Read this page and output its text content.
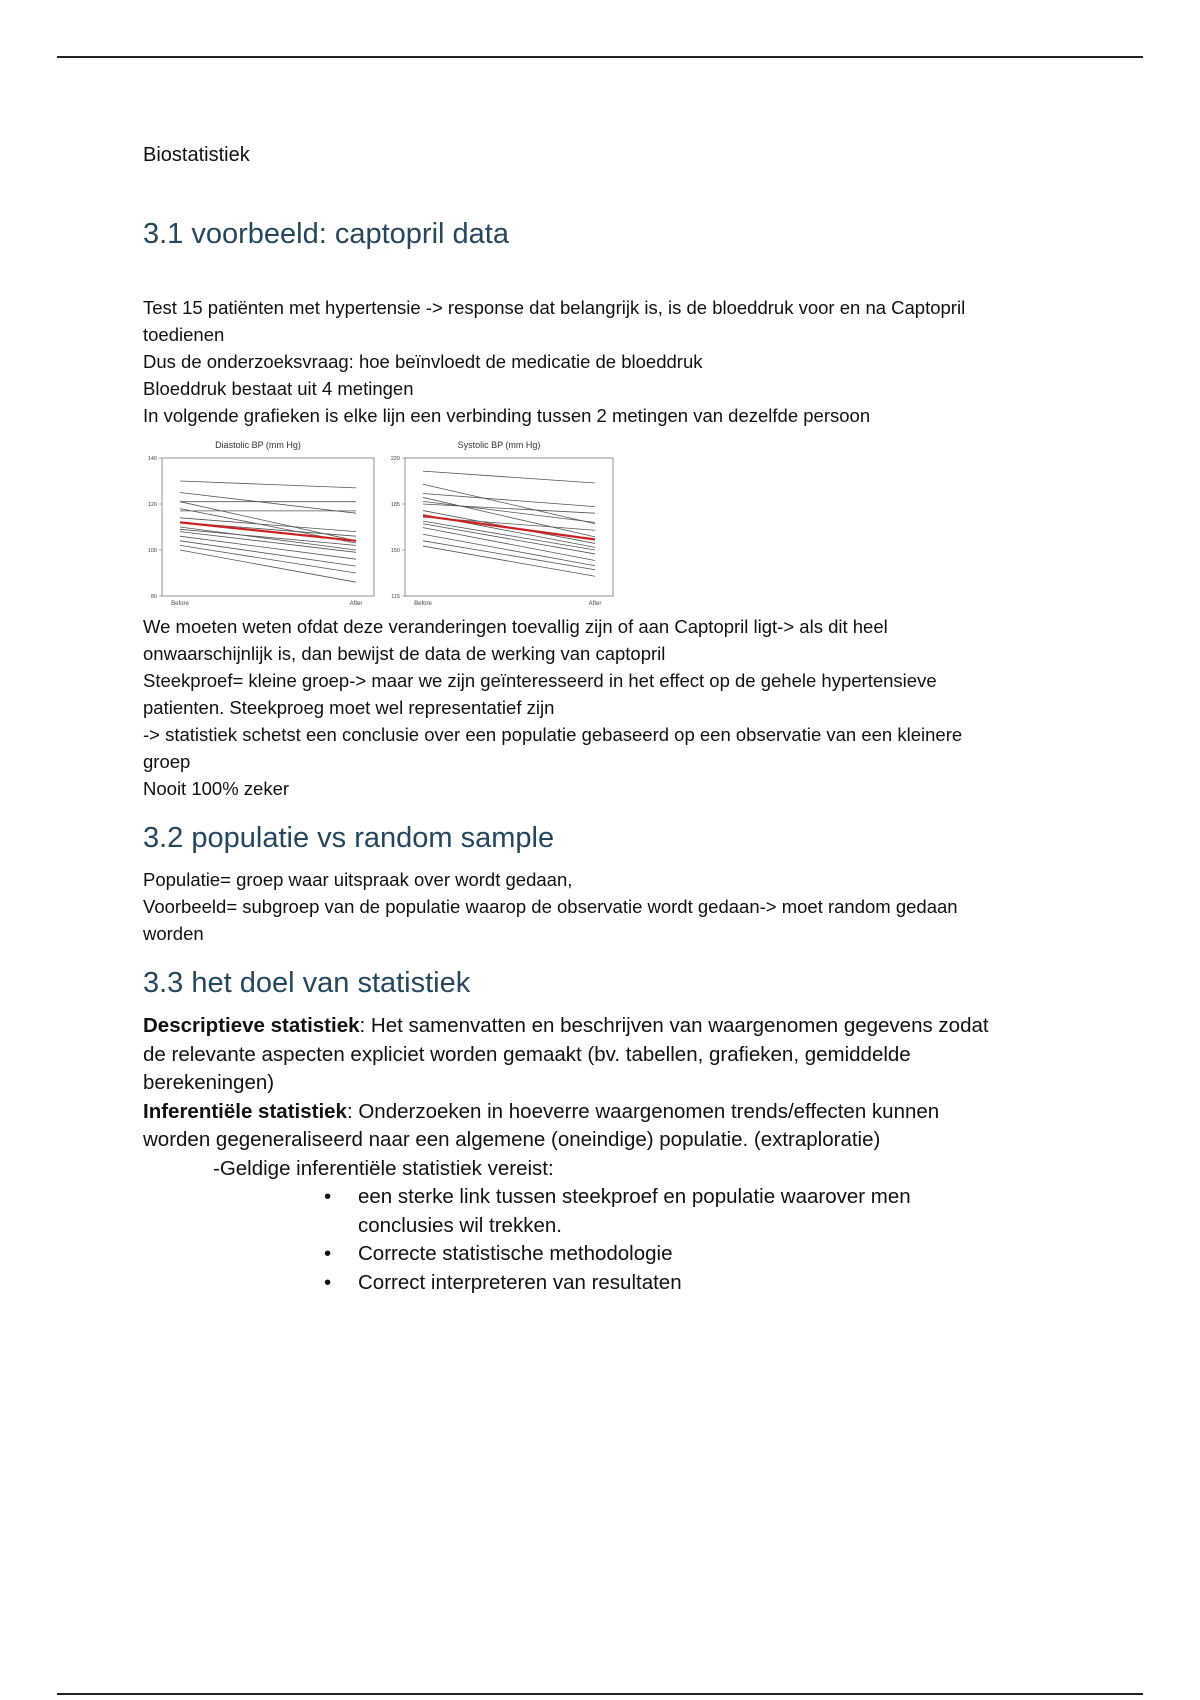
Biostatistiek
3.1 voorbeeld: captopril data

Test 15 patiënten met hypertensie -> response dat belangrijk is, is de bloeddruk voor en na Captopril

toedienen

Dus de onderzoeksvraag: hoe beïnvloedt de medicatie de bloeddruk

Bloeddruk bestaat uit 4 metingen

In volgende grafieken is elke lijn een verbinding tussen 2 metingen van dezelfde persoon

Diastolic BP (mm Hg)
80
100
120
140
Before	After
Systolic BP (mm Hg)
115
150
185
220
Before	After

We moeten weten ofdat deze veranderingen toevallig zijn of aan Captopril ligt-> als dit heel

onwaarschijnlijk is, dan bewijst de data de werking van captopril

Steekproef= kleine groep-> maar we zijn geïnteresseerd in het effect op de gehele hypertensieve

patienten. Steekproeg moet wel representatief zijn

-> statistiek schetst een conclusie over een populatie gebaseerd op een observatie van een kleinere

groep

Nooit 100% zeker

3.2 populatie vs random sample

Populatie= groep waar uitspraak over wordt gedaan,

Voorbeeld= subgroep van de populatie waarop de observatie wordt gedaan-> moet random gedaan

worden

3.3 het doel van statistiek

Descriptieve statistiek: Het samenvatten en beschrijven van waargenomen gegevens zodat

de relevante aspecten expliciet worden gemaakt (bv. tabellen, grafieken, gemiddelde

berekeningen)

Inferentiële statistiek: Onderzoeken in hoeverre waargenomen trends/effecten kunnen

worden gegeneraliseerd naar een algemene (oneindige) populatie. (extraploratie)

-Geldige inferentiële statistiek vereist:

• een sterke link tussen steekproef en populatie waarover men
conclusies wil trekken.
• Correcte statistische methodologie
• Correct interpreteren van resultaten
